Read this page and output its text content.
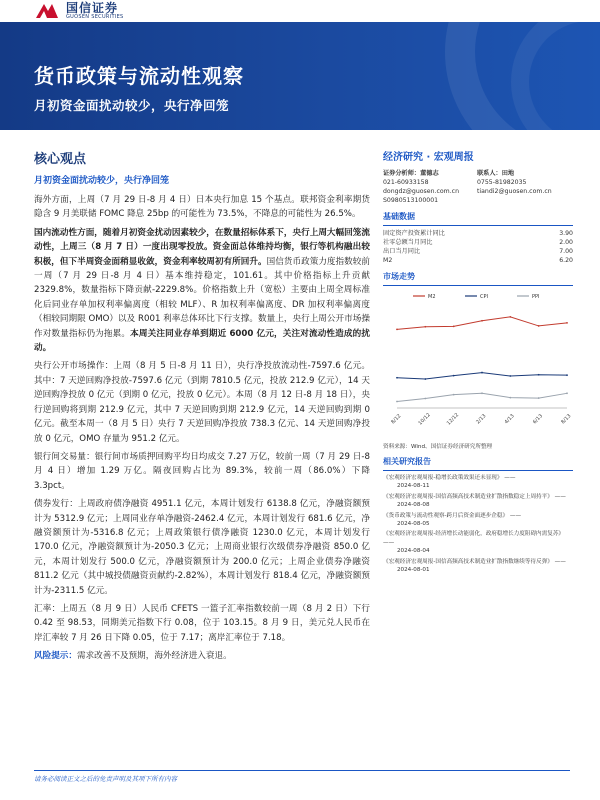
国信证券
GUOSEN SECURITIES
货币政策与流动性观察
月初资金面扰动较少，央行净回笼
核心观点
月初资金面扰动较少，央行净回笼

海外方面，上周（7 月 29 日-8 月 4 日）日本央行加息 15 个基点。联邦资金利率期货隐含 9 月美联储 FOMC 降息 25bp 的可能性为 73.5%，不降息的可能性为 26.5%。

国内流动性方面，随着月初资金扰动因素较少，在数量招标体系下，央行上周大幅回笼流动性，上周三（8 月 7 日）一度出现零投放。资金面总体维持均衡，银行等机构融出较积极，但下半周资金面稍显收敛，资金利率较周初有所回升。国信货币政策力度指数较前一周（7 月 29 日-8 月 4 日）基本维持稳定，101.61。其中价格指标上升贡献 2329.8%，数量指标下降贡献-2229.8%。价格指数上升（宽松）主要由上周全周标准化后同业存单加权利率偏离度（相较 MLF）、R 加权利率偏离度、DR 加权利率偏离度（相较同期限 OMO）以及 R001 利率总体环比下行支撑。数量上，央行上周公开市场操作对数量指标仍为拖累。本周关注同业存单到期近 6000 亿元，关注对流动性造成的扰动。

央行公开市场操作：上周（8 月 5 日-8 月 11 日），央行净投放流动性-7597.6 亿元。其中：7 天逆回购净投放-7597.6 亿元（到期 7810.5 亿元，投放 212.9 亿元），14 天逆回购净投放 0 亿元（到期 0 亿元，投放 0 亿元）。本周（8 月 12 日-8 月 18 日），央行逆回购将到期 212.9 亿元，其中 7 天逆回购到期 212.9 亿元，14 天逆回购到期 0 亿元。截至本周一（8 月 5 日）央行 7 天逆回购净投放 738.3 亿元、14 天逆回购净投放 0 亿元，OMO 存量为 951.2 亿元。

银行间交易量：银行间市场质押回购平均日均成交 7.27 万亿，较前一周（7 月 29 日-8 月 4 日）增加 1.29 万亿。隔夜回购占比为 89.3%，较前一周（86.0%）下降 3.3pct。

债券发行：上周政府债净融资 4951.1 亿元，本周计划发行 6138.8 亿元，净融资额预计为 5312.9 亿元；上周同业存单净融资-2462.4 亿元，本周计划发行 681.6 亿元，净融资额预计为-5316.8 亿元；上周政策银行债净融资 1230.0 亿元，本周计划发行 170.0 亿元，净融资额预计为-2050.3 亿元；上周商业银行次级债券净融资 850.0 亿元，本周计划发行 500.0 亿元，净融资额预计为 200.0 亿元；上周企业债券净融资 811.2 亿元（其中城投债融资贡献约-2.82%），本周计划发行 818.4 亿元，净融资额预计为-2311.5 亿元。

汇率：上周五（8 月 9 日）人民币 CFETS 一篮子汇率指数较前一周（8 月 2 日）下行 0.42 至 98.53，同期美元指数下行 0.08，位于 103.15。8 月 9 日，美元兑人民币在岸汇率较 7 月 26 日下降 0.05，位于 7.17；离岸汇率位于 7.18。

风险提示：需求改善不及预期，海外经济进入衰退。

经济研究 · 宏观周报
证券分析师：董德志	联系人：田地
021-60933158	0755-81982035
dongdz@guosen.com.cn	tiandi2@guosen.com.cn
S0980513100001
基础数据
固定资产投资累计同比	3.90
社零总额当月同比	2.00
出口当月同比	7.00
M2	6.20
市场走势
M2	CPI	PPI
8/12	10/12	12/12	2/13	4/13	6/13	8/13
资料来源：Wind、国信证券经济研究所整理
相关研究报告
《宏观经济宏观周报-稳增长政策效果还未显现》 ——
2024-08-11
《宏观经济宏观周报-国信高频高技术制造业扩散指数稳定上周持平》 ——
2024-08-08
《货币政策与流动性观察-跨月后资金面逐步企稳》 ——
2024-08-05
《宏观经济宏观周报-经济增长动能弱化，政府稳增长力度阻碍内需复苏》 ——
2024-08-04
《宏观经济宏观周报-国信高频高技术制造业扩散指数继续等待反弹》 ——
2024-08-01
请务必阅读正文之后的免责声明及其项下所有内容
